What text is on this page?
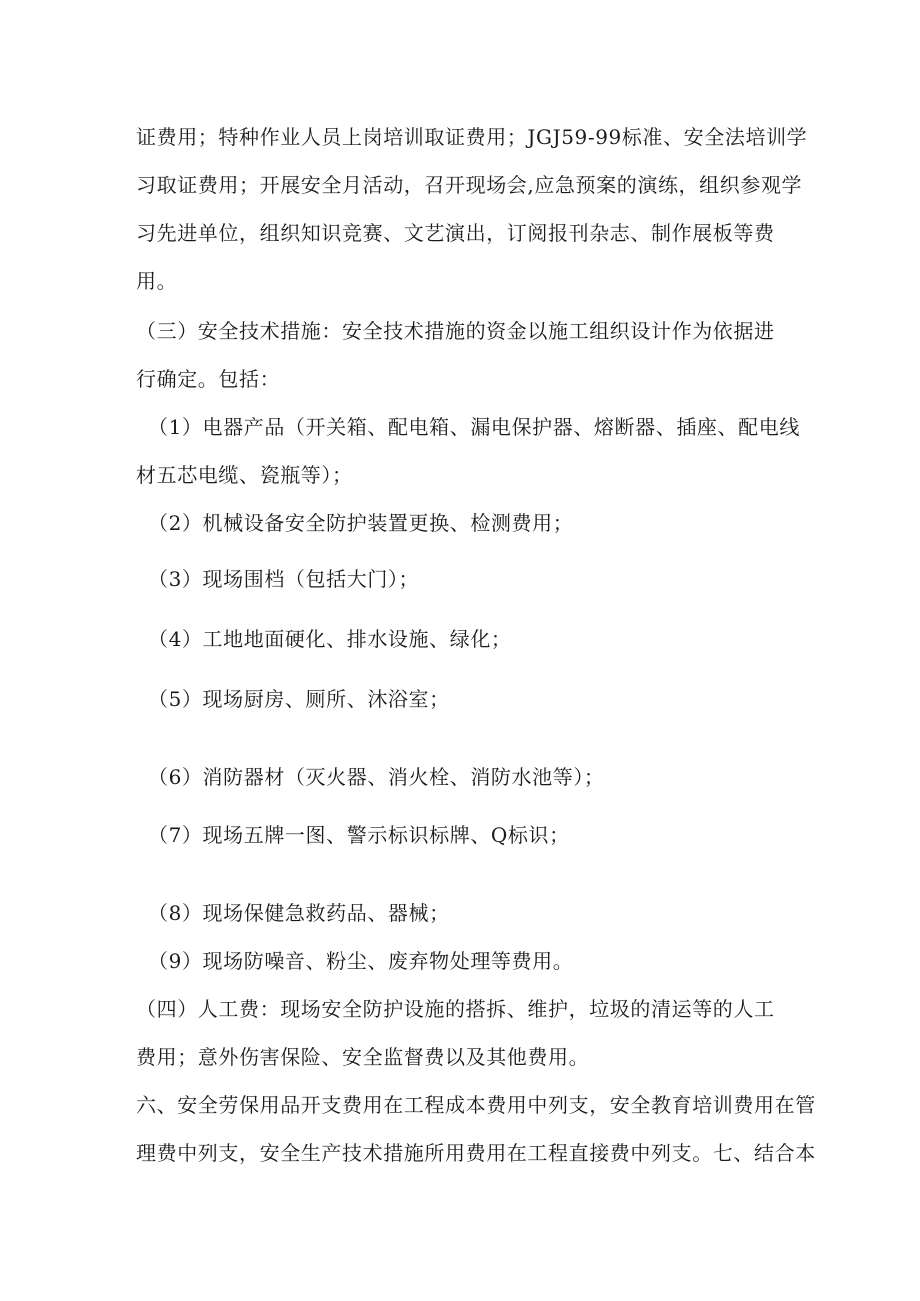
证费用；特种作业人员上岗培训取证费用；JGJ59-99标准、安全法培训学
习取证费用；开展安全月活动，召开现场会,应急预案的演练，组织参观学
习先进单位，组织知识竞赛、文艺演出，订阅报刊杂志、制作展板等费
用。
（三）安全技术措施：安全技术措施的资金以施工组织设计作为依据进
行确定。包括：
（1）电器产品（开关箱、配电箱、漏电保护器、熔断器、插座、配电线
材五芯电缆、瓷瓶等）；
（2）机械设备安全防护装置更换、检测费用；
（3）现场围档（包括大门）；
（4）工地地面硬化、排水设施、绿化；
（5）现场厨房、厕所、沐浴室；
（6）消防器材（灭火器、消火栓、消防水池等）；
（7）现场五牌一图、警示标识标牌、Q标识；
（8）现场保健急救药品、器械；
（9）现场防噪音、粉尘、废弃物处理等费用。
（四）人工费：现场安全防护设施的搭拆、维护，垃圾的清运等的人工
费用；意外伤害保险、安全监督费以及其他费用。
六、安全劳保用品开支费用在工程成本费用中列支，安全教育培训费用在管
理费中列支，安全生产技术措施所用费用在工程直接费中列支。七、结合本
